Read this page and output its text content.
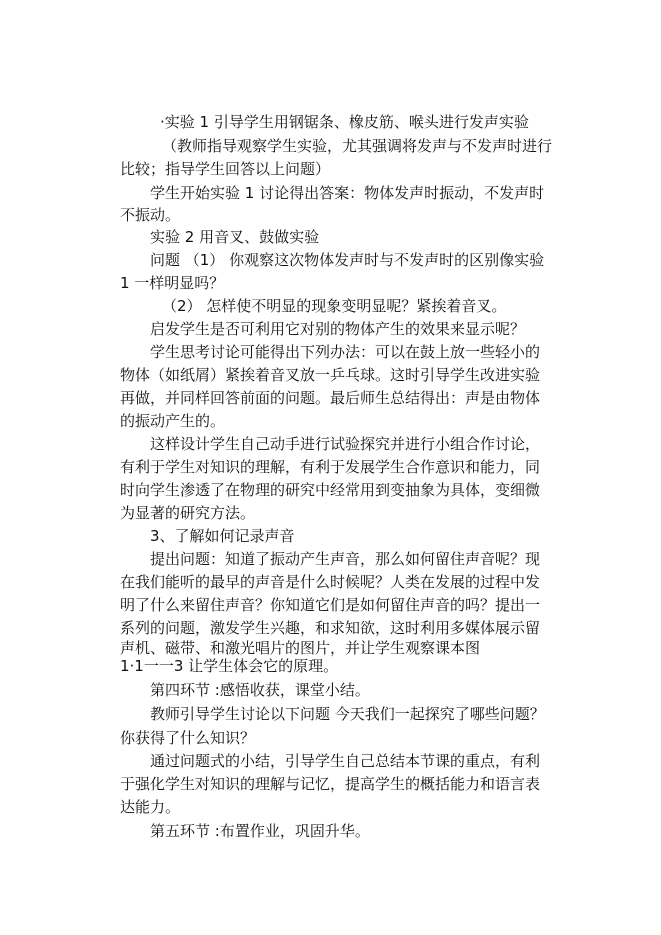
·实验 1 引导学生用钢锯条、橡皮筋、喉头进行发声实验
（教师指导观察学生实验，尤其强调将发声与不发声时进行
比较；指导学生回答以上问题）
学生开始实验 1 讨论得出答案：物体发声时振动，不发声时
不振动。
实验 2 用音叉、鼓做实验
问题 （1） 你观察这次物体发声时与不发声时的区别像实验
1 一样明显吗？
（2） 怎样使不明显的现象变明显呢？紧挨着音叉。
启发学生是否可利用它对别的物体产生的效果来显示呢？
学生思考讨论可能得出下列办法：可以在鼓上放一些轻小的
物体（如纸屑）紧挨着音叉放一乒乓球。这时引导学生改进实验
再做，并同样回答前面的问题。最后师生总结得出：声是由物体
的振动产生的。
这样设计学生自己动手进行试验探究并进行小组合作讨论，
有利于学生对知识的理解，有利于发展学生合作意识和能力，同
时向学生渗透了在物理的研究中经常用到变抽象为具体，变细微
为显著的研究方法。
3、了解如何记录声音
提出问题：知道了振动产生声音，那么如何留住声音呢？现
在我们能听的最早的声音是什么时候呢？人类在发展的过程中发
明了什么来留住声音？你知道它们是如何留住声音的吗？提出一
系列的问题，激发学生兴趣，和求知欲，这时利用多媒体展示留
声机、磁带、和激光唱片的图片，并让学生观察课本图
1·1一一3 让学生体会它的原理。
第四环节 :感悟收获，课堂小结。
教师引导学生讨论以下问题 今天我们一起探究了哪些问题？
你获得了什么知识？
通过问题式的小结，引导学生自己总结本节课的重点，有利
于强化学生对知识的理解与记忆，提高学生的概括能力和语言表
达能力。
第五环节 :布置作业，巩固升华。
